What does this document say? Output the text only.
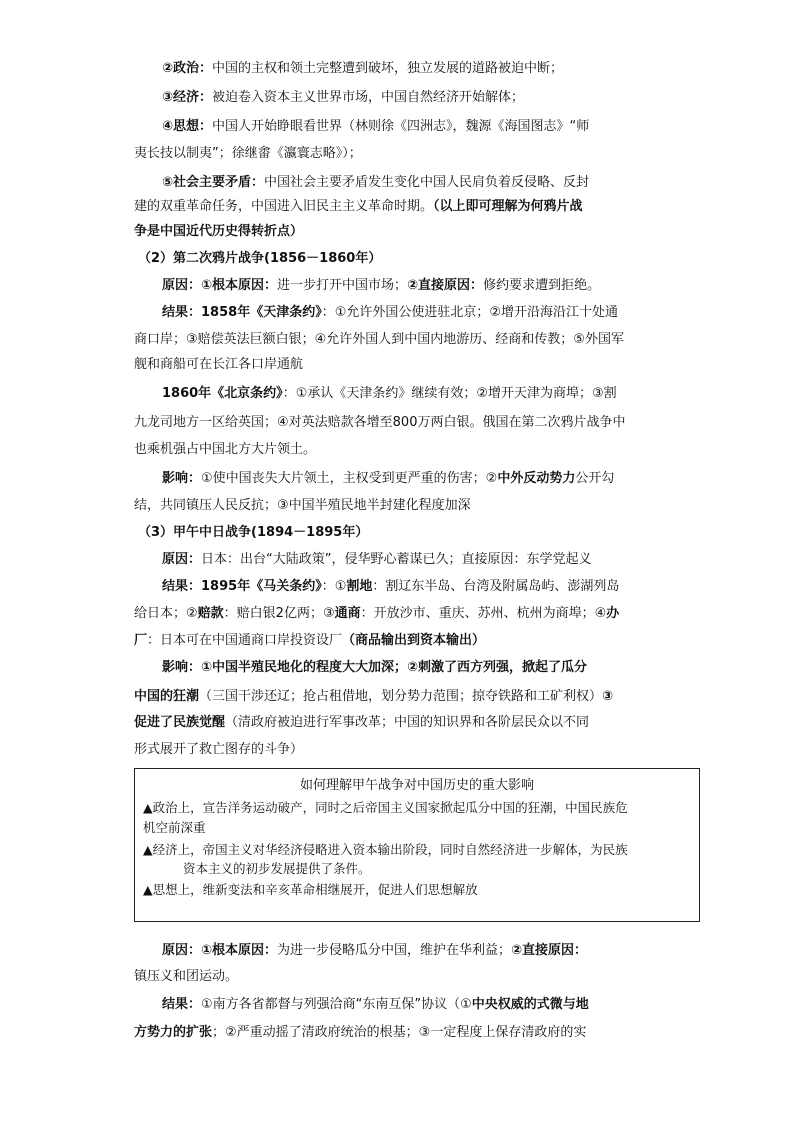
②政治：中国的主权和领土完整遭到破坏，独立发展的道路被迫中断；
③经济：被迫卷入资本主义世界市场，中国自然经济开始解体；
④思想：中国人开始睁眼看世界（林则徐《四洲志》，魏源《海国图志》“师
夷长技以制夷”；徐继畬《瀛寰志略》）；
⑤社会主要矛盾：中国社会主要矛盾发生变化中国人民肩负着反侵略、反封
建的双重革命任务，中国进入旧民主主义革命时期。（以上即可理解为何鸦片战
争是中国近代历史得转折点）
（2）第二次鸦片战争(1856－1860年）
原因：①根本原因：进一步打开中国市场；②直接原因：修约要求遭到拒绝。
结果：1858年《天津条约》：①允许外国公使进驻北京；②增开沿海沿江十处通
商口岸；③赔偿英法巨额白银；④允许外国人到中国内地游历、经商和传教；⑤外国军
舰和商船可在长江各口岸通航
1860年《北京条约》：①承认《天津条约》继续有效；②增开天津为商埠；③割
九龙司地方一区给英国；④对英法赔款各增至800万两白银。俄国在第二次鸦片战争中
也乘机强占中国北方大片领土。
影响：①使中国丧失大片领土，主权受到更严重的伤害；②中外反动势力公开勾
结，共同镇压人民反抗；③中国半殖民地半封建化程度加深
（3）甲午中日战争(1894－1895年）
原因：日本：出台“大陆政策”，侵华野心蓄谋已久；直接原因：东学党起义
结果：1895年《马关条约》：①割地：割辽东半岛、台湾及附属岛屿、澎湖列岛
给日本；②赔款：赔白银2亿两；③通商：开放沙市、重庆、苏州、杭州为商埠；④办
厂：日本可在中国通商口岸投资设厂（商品输出到资本输出）
影响：①中国半殖民地化的程度大大加深；②刺激了西方列强，掀起了瓜分
中国的狂潮（三国干涉还辽；抢占租借地，划分势力范围；掠夺铁路和工矿利权）③
促进了民族觉醒（清政府被迫进行军事改革；中国的知识界和各阶层民众以不同
形式展开了救亡图存的斗争）
如何理解甲午战争对中国历史的重大影响
▲政治上，宣告洋务运动破产，同时之后帝国主义国家掀起瓜分中国的狂潮，中国民族危
机空前深重
▲经济上，帝国主义对华经济侵略进入资本输出阶段，同时自然经济进一步解体，为民族
资本主义的初步发展提供了条件。
▲思想上，维新变法和辛亥革命相继展开，促进人们思想解放
原因：①根本原因：为进一步侵略瓜分中国，维护在华利益；②直接原因：
镇压义和团运动。
结果：①南方各省都督与列强洽商“东南互保”协议（①中央权威的式微与地
方势力的扩张；②严重动摇了清政府统治的根基；③一定程度上保存清政府的实
